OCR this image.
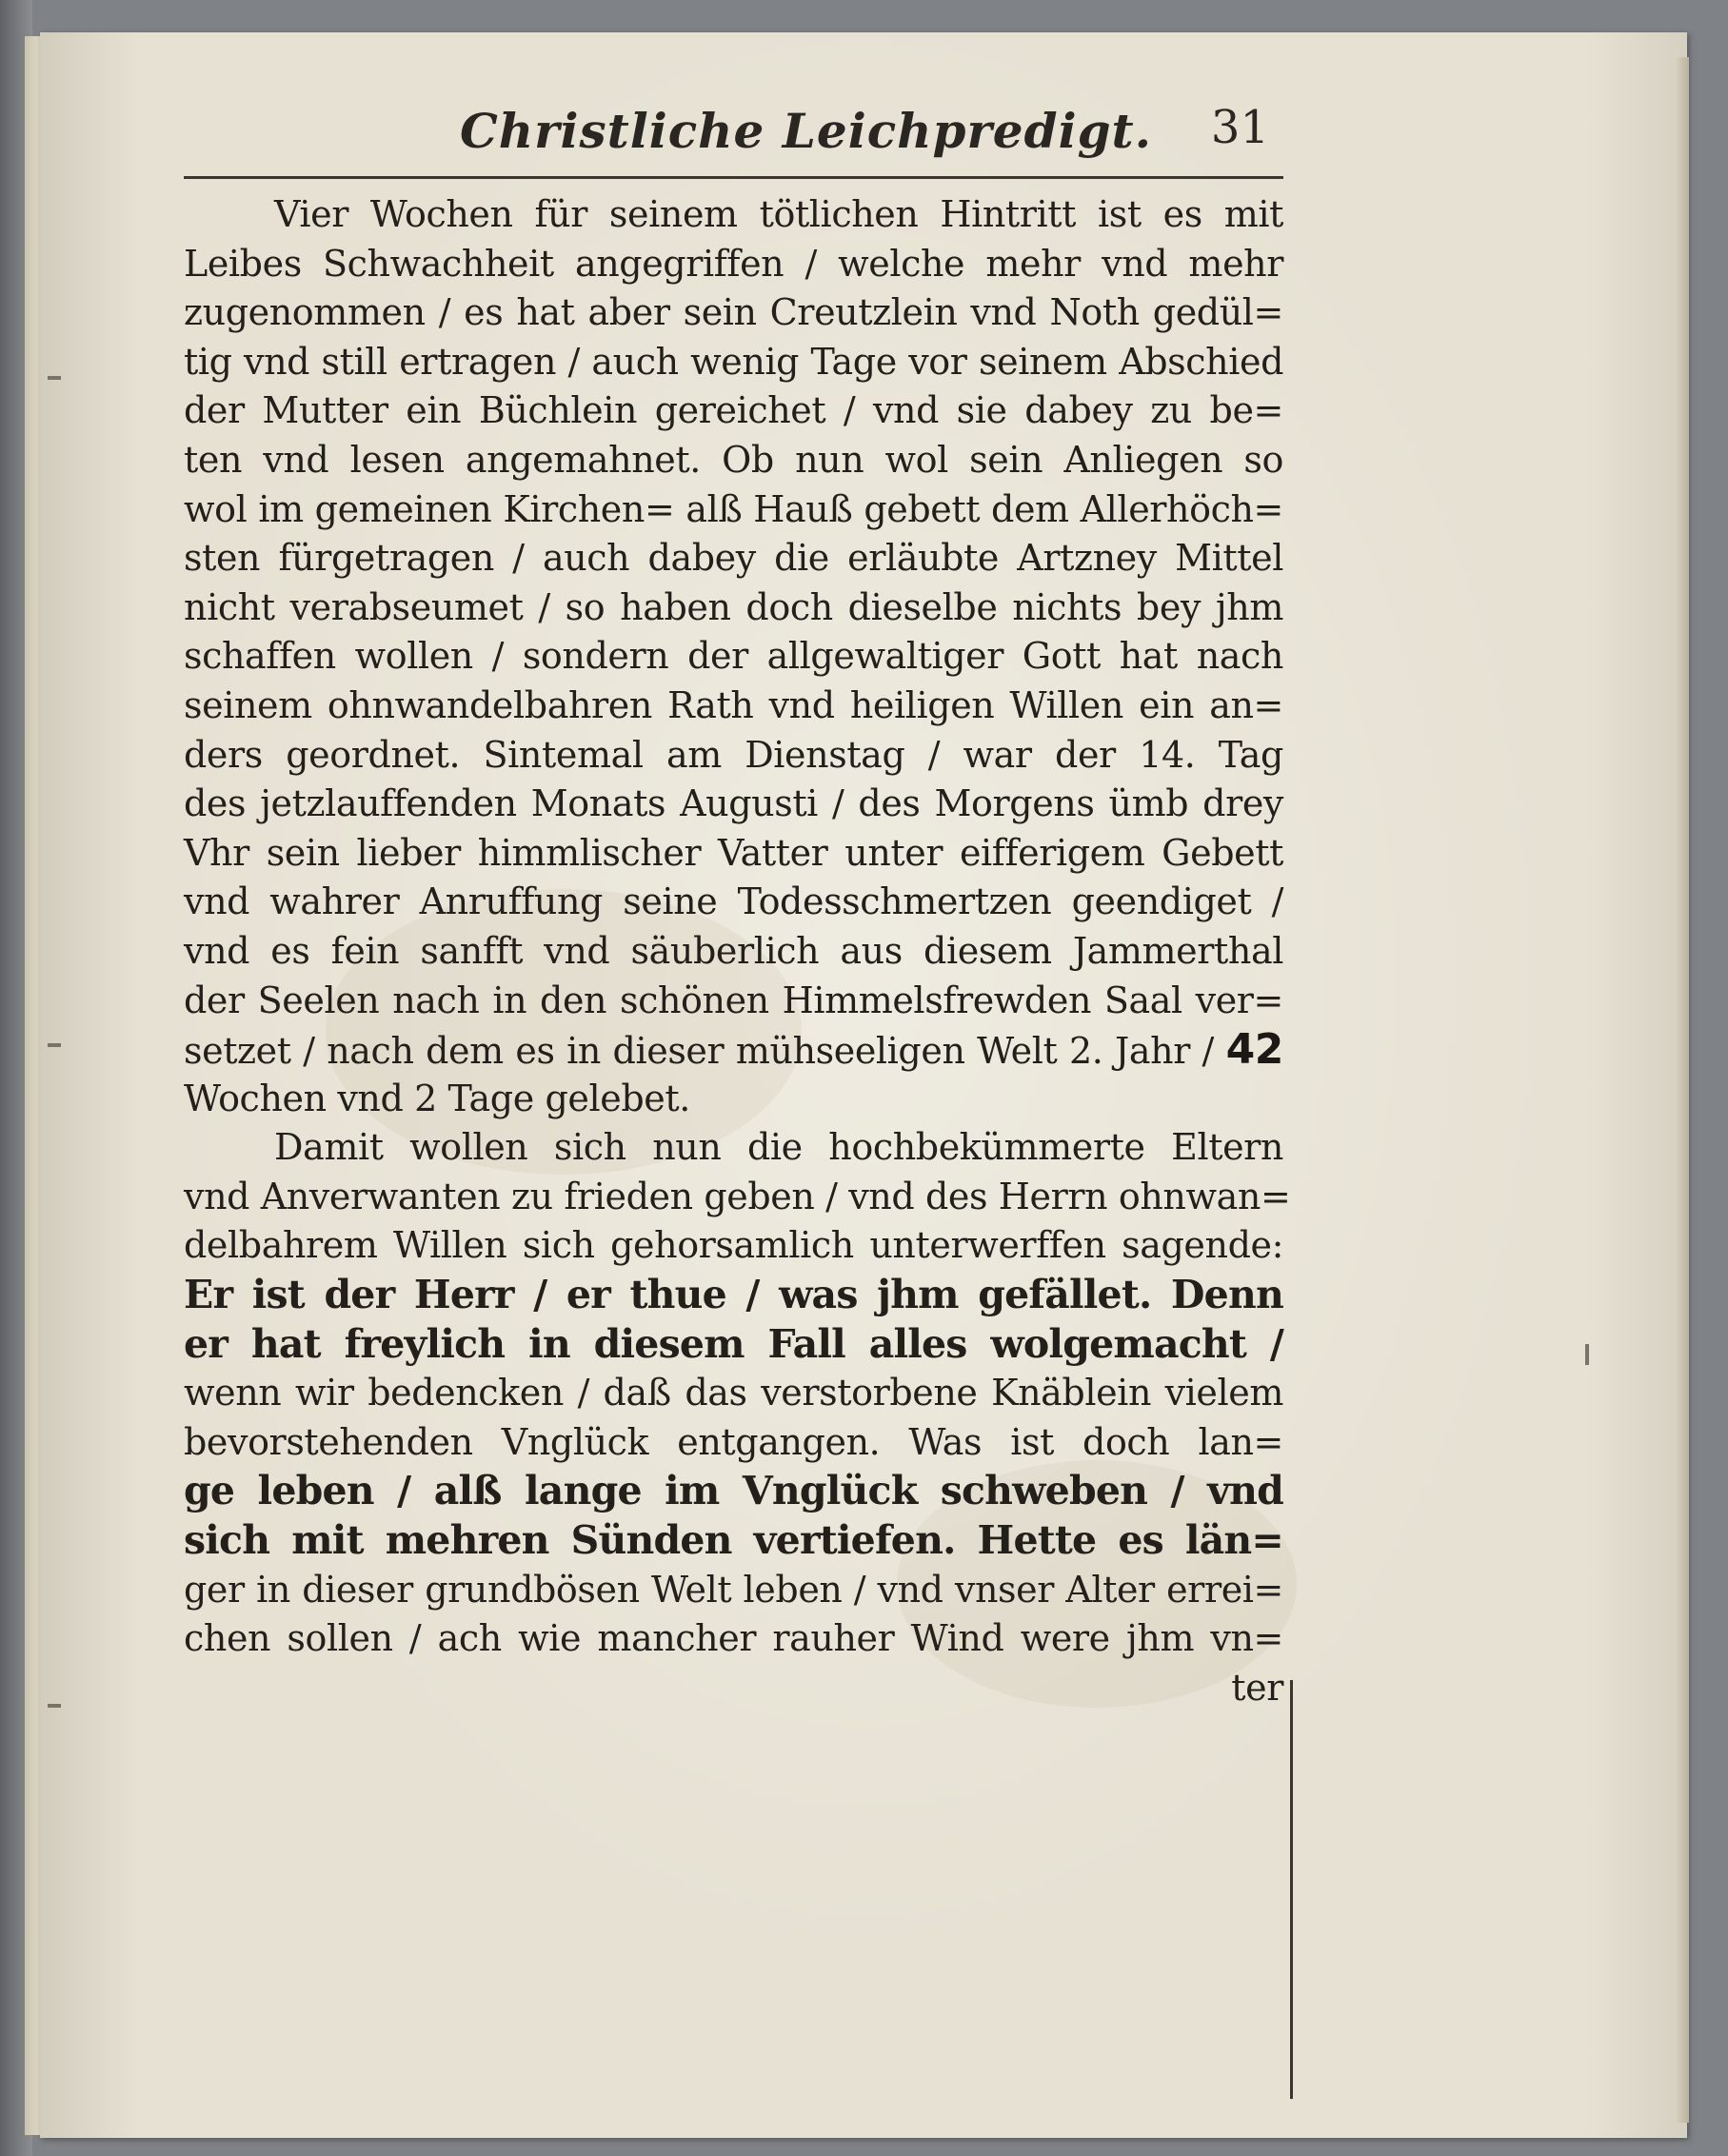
Christliche Leichpredigt. 31
Vier Wochen für seinem tötlichen Hintritt ist es mit
Leibes Schwachheit angegriffen / welche mehr vnd mehr
zugenommen / es hat aber sein Creutzlein vnd Noth gedül=
tig vnd still ertragen / auch wenig Tage vor seinem Abschied
der Mutter ein Büchlein gereichet / vnd sie dabey zu be=
ten vnd lesen angemahnet. Ob nun wol sein Anliegen so
wol im gemeinen Kirchen= alß Hauß gebett dem Allerhöch=
sten fürgetragen / auch dabey die erläubte Artzney Mittel
nicht verabseumet / so haben doch dieselbe nichts bey jhm
schaffen wollen / sondern der allgewaltiger Gott hat nach
seinem ohnwandelbahren Rath vnd heiligen Willen ein an=
ders geordnet. Sintemal am Dienstag / war der 14. Tag
des jetzlauffenden Monats Augusti / des Morgens ümb drey
Vhr sein lieber himmlischer Vatter unter eifferigem Gebett
vnd wahrer Anruffung seine Todesschmertzen geendiget /
vnd es fein sanfft vnd säuberlich aus diesem Jammerthal
der Seelen nach in den schönen Himmelsfrewden Saal ver=
setzet / nach dem es in dieser mühseeligen Welt 2. Jahr / 42
Wochen vnd 2 Tage gelebet.
Damit wollen sich nun die hochbekümmerte Eltern
vnd Anverwanten zu frieden geben / vnd des Herrn ohnwan=
delbahrem Willen sich gehorsamlich unterwerffen sagende:
Er ist der Herr / er thue / was jhm gefället. Denn
er hat freylich in diesem Fall alles wolgemacht /
wenn wir bedencken / daß das verstorbene Knäblein vielem
bevorstehenden Vnglück entgangen. Was ist doch lan=
ge leben / alß lange im Vnglück schweben / vnd
sich mit mehren Sünden vertiefen. Hette es län=
ger in dieser grundbösen Welt leben / vnd vnser Alter errei=
chen sollen / ach wie mancher rauher Wind were jhm vn=
ter
